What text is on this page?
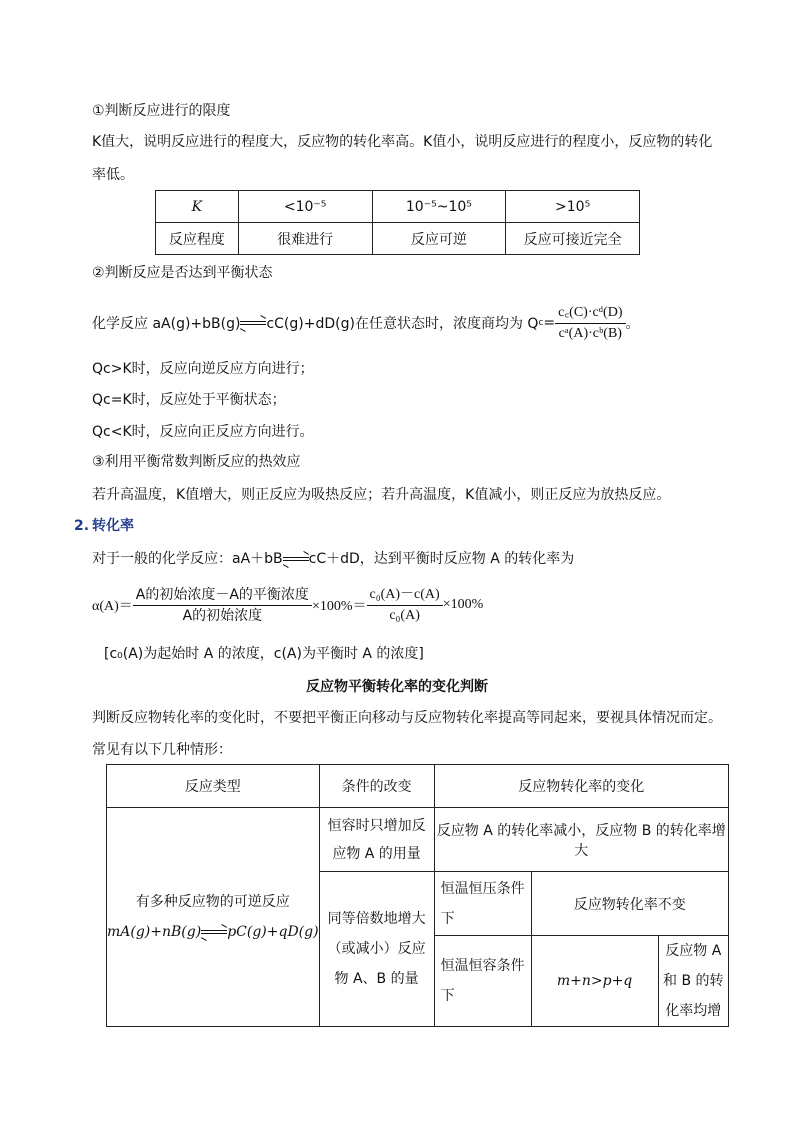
①判断反应进行的限度
K值大，说明反应进行的程度大，反应物的转化率高。K值小，说明反应进行的程度小，反应物的转化
率低。
K	<10⁻⁵	10⁻⁵~10⁵	>10⁵
反应程度	很难进行	反应可逆	反应可接近完全
②判断反应是否达到平衡状态
化学反应 aA(g)+bB(g) → cC(g)+dD(g)在任意状态时，浓度商均为 Q $c = \frac{\text{c꜀(C)·cᵈ(D)}}{\text{cᵃ(A)·cᵇ(B)}}$ 。
Qc>K时，反应向逆反应方向进行；
Qc=K时，反应处于平衡状态；
Qc<K时，反应向正反应方向进行。
③利用平衡常数判断反应的热效应
若升高温度，K值增大，则正反应为吸热反应；若升高温度，K值减小，则正反应为放热反应。
2. 转化率
对于一般的化学反应：aA＋bB → cC＋dD，达到平衡时反应物 A 的转化率为
$\alpha(A)= \frac{\text{A的初始浓度－A的平衡浓度}}{\text{A的初始浓度}} \times 100\%= \frac{\text{c₀(A)－c(A)}}{\text{c₀(A)}} \times 100\%$
[c₀(A)为起始时 A 的浓度，c(A)为平衡时 A 的浓度]
反应物平衡转化率的变化判断
判断反应物转化率的变化时，不要把平衡正向移动与反应物转化率提高等同起来，要视具体情况而定。
常见有以下几种情形：
反应类型	条件的改变	反应物转化率的变化		

有多种反应物的可逆反应
mA(g)+nB(g) → pC(g)+qD(g)	恒容时只增加反应物 A 的用量	反应物 A 的转化率减小，反应物 B 的转化率增大		
	同等倍数地增大（或减小）反应物 A、B 的量	恒温恒压条件下	反应物转化率不变	
		恒温恒容条件下	m+n>p+q	反应物 A 和 B 的转化率均增
